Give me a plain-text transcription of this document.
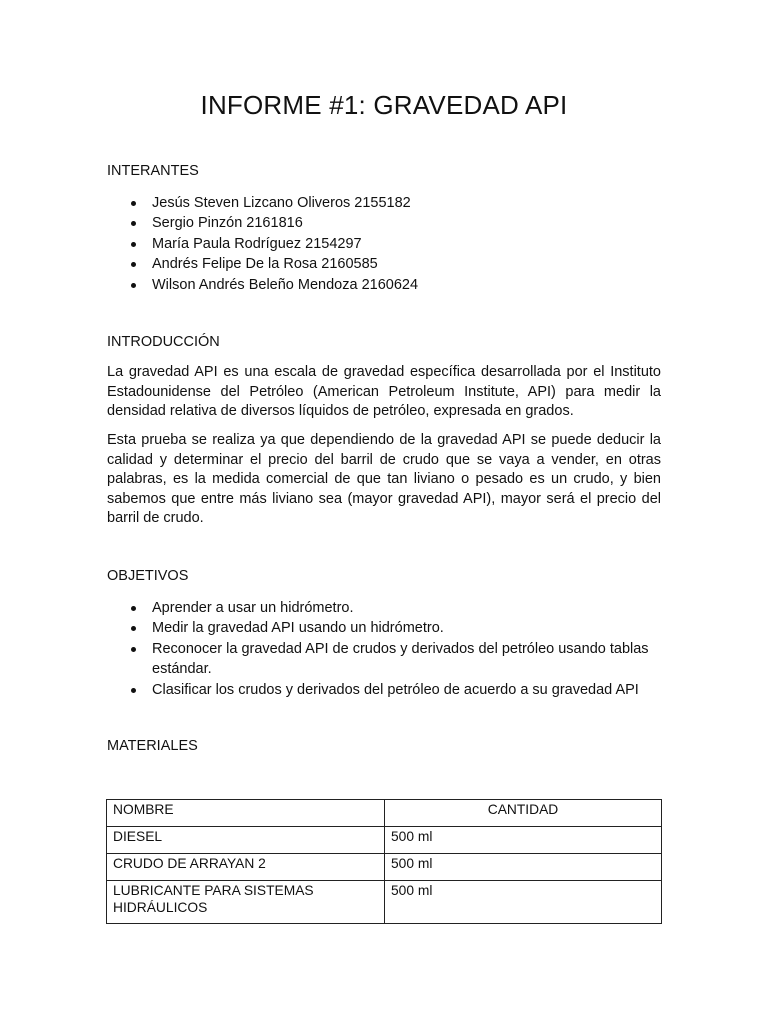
INFORME #1: GRAVEDAD API
INTERANTES
Jesús Steven Lizcano Oliveros 2155182
Sergio Pinzón 2161816
María Paula Rodríguez 2154297
Andrés Felipe De la Rosa 2160585
Wilson Andrés Beleño Mendoza 2160624
INTRODUCCIÓN

La gravedad API es una escala de gravedad específica desarrollada por el Instituto Estadounidense del Petróleo (American Petroleum Institute, API) para medir la densidad relativa de diversos líquidos de petróleo, expresada en grados.

Esta prueba se realiza ya que dependiendo de la gravedad API se puede deducir la calidad y determinar el precio del barril de crudo que se vaya a vender, en otras palabras, es la medida comercial de que tan liviano o pesado es un crudo, y bien sabemos que entre más liviano sea (mayor gravedad API), mayor será el precio del barril de crudo.

OBJETIVOS
Aprender a usar un hidrómetro.
Medir la gravedad API usando un hidrómetro.
Reconocer la gravedad API de crudos y derivados del petróleo usando tablas estándar.
Clasificar los crudos y derivados del petróleo de acuerdo a su gravedad API
MATERIALES
NOMBRE	CANTIDAD
DIESEL	500 ml
CRUDO DE ARRAYAN 2	500 ml
LUBRICANTE PARA SISTEMAS HIDRÁULICOS	500 ml
